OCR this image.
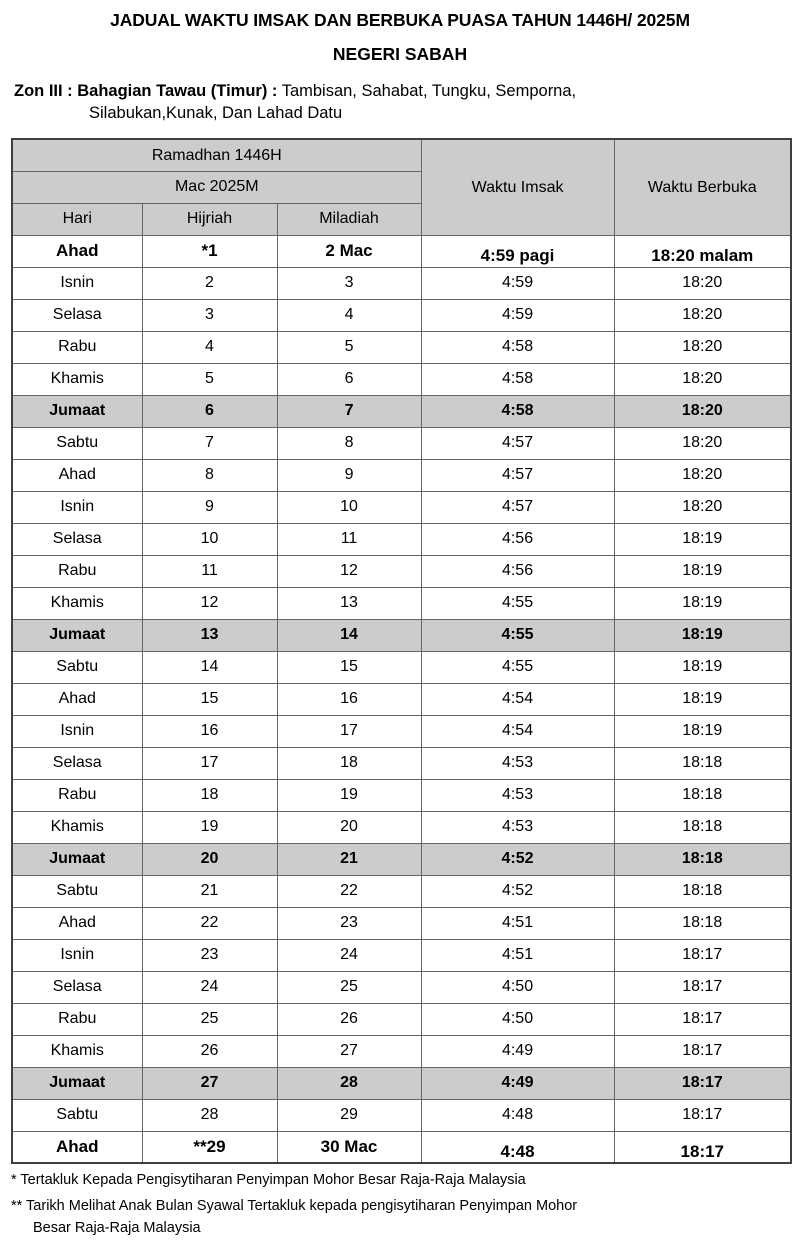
JADUAL WAKTU IMSAK DAN BERBUKA PUASA TAHUN 1446H/ 2025M
NEGERI SABAH

Zon III : Bahagian Tawau (Timur) : Tambisan, Sahabat, Tungku, Semporna,
Silabukan,Kunak, Dan Lahad Datu

Ramadhan 1446H			Waktu Imsak	Waktu Berbuka
Mac 2025M				
Hari	Hijriah	Miladiah		
Ahad	*1	2 Mac	4:59 pagi	18:20 malam
Isnin	2	3	4:59	18:20
Selasa	3	4	4:59	18:20
Rabu	4	5	4:58	18:20
Khamis	5	6	4:58	18:20
Jumaat	6	7	4:58	18:20
Sabtu	7	8	4:57	18:20
Ahad	8	9	4:57	18:20
Isnin	9	10	4:57	18:20
Selasa	10	11	4:56	18:19
Rabu	11	12	4:56	18:19
Khamis	12	13	4:55	18:19
Jumaat	13	14	4:55	18:19
Sabtu	14	15	4:55	18:19
Ahad	15	16	4:54	18:19
Isnin	16	17	4:54	18:19
Selasa	17	18	4:53	18:18
Rabu	18	19	4:53	18:18
Khamis	19	20	4:53	18:18
Jumaat	20	21	4:52	18:18
Sabtu	21	22	4:52	18:18
Ahad	22	23	4:51	18:18
Isnin	23	24	4:51	18:17
Selasa	24	25	4:50	18:17
Rabu	25	26	4:50	18:17
Khamis	26	27	4:49	18:17
Jumaat	27	28	4:49	18:17
Sabtu	28	29	4:48	18:17
Ahad	**29	30 Mac	4:48	18:17

* Tertakluk Kepada Pengisytiharan Penyimpan Mohor Besar Raja-Raja Malaysia

** Tarikh Melihat Anak Bulan Syawal Tertakluk kepada pengisytiharan Penyimpan Mohor
Besar Raja-Raja Malaysia
